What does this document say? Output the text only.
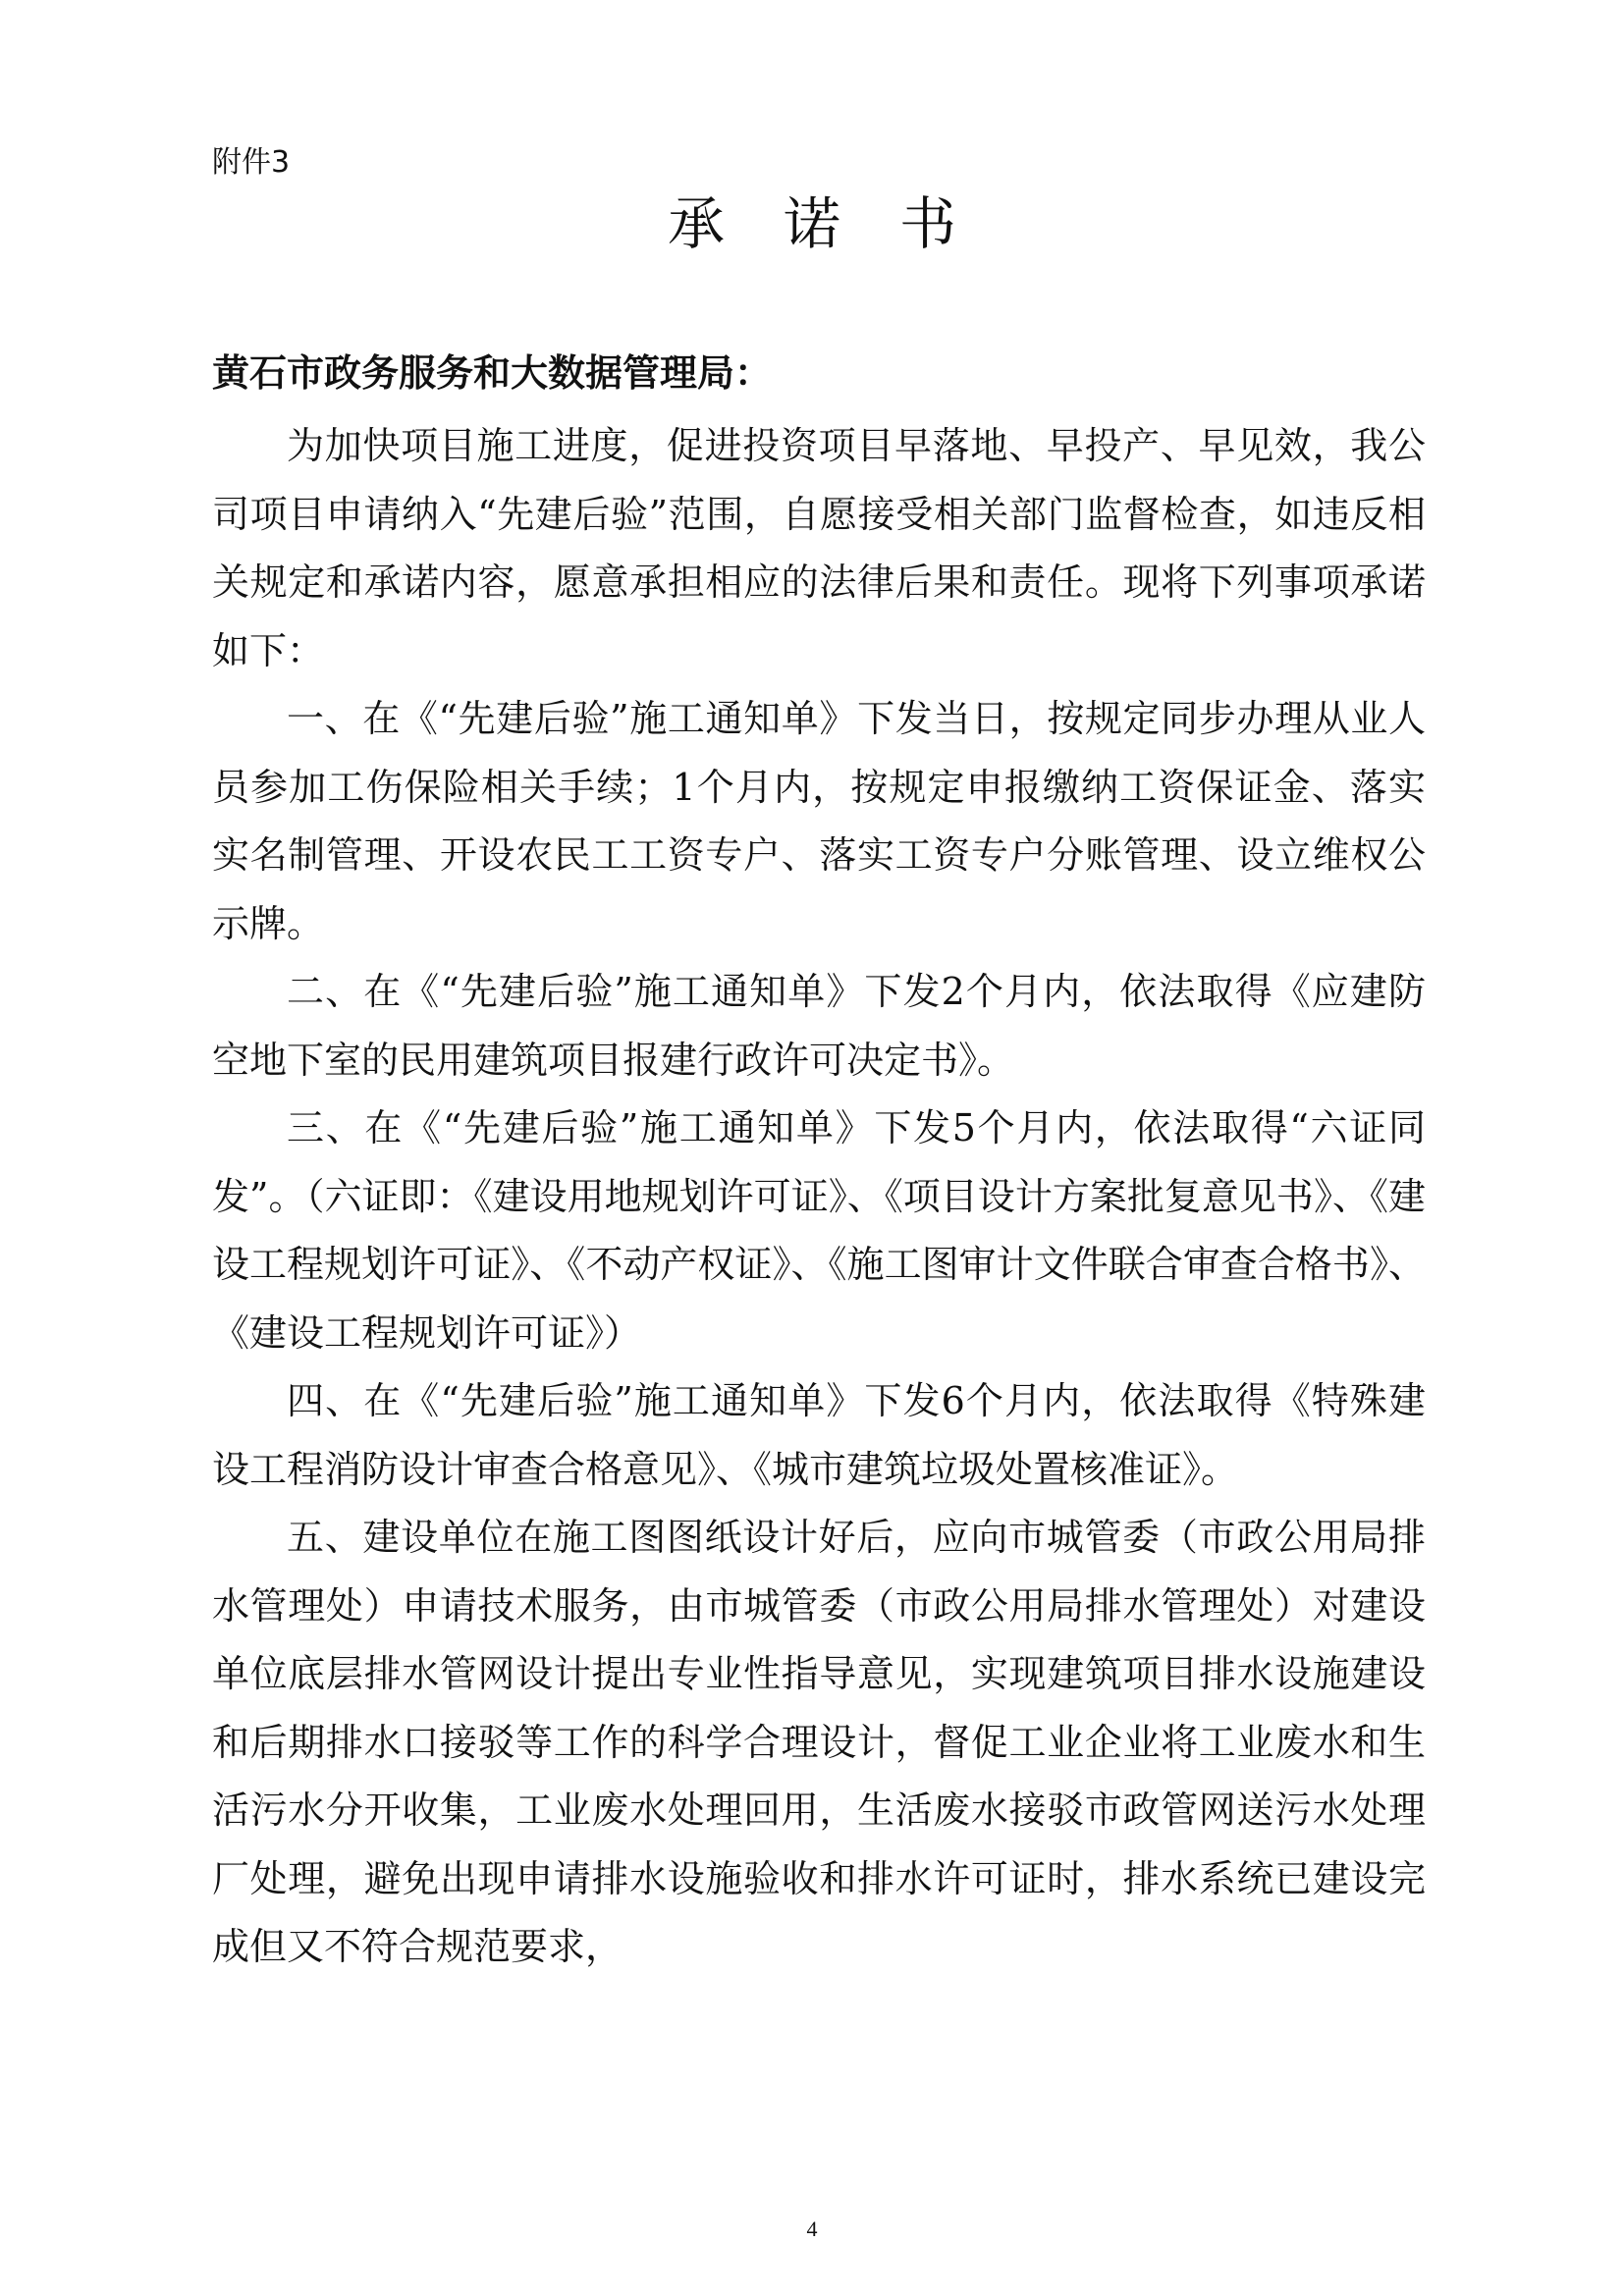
附件3
承诺书
黄石市政务服务和大数据管理局：

为加快项目施工进度，促进投资项目早落地、早投产、早见效，我公司项目申请纳入“先建后验”范围，自愿接受相关部门监督检查，如违反相关规定和承诺内容，愿意承担相应的法律后果和责任。现将下列事项承诺如下：

一、在《“先建后验”施工通知单》下发当日，按规定同步办理从业人员参加工伤保险相关手续；1个月内，按规定申报缴纳工资保证金、落实实名制管理、开设农民工工资专户、落实工资专户分账管理、设立维权公示牌。

二、在《“先建后验”施工通知单》下发2个月内，依法取得《应建防空地下室的民用建筑项目报建行政许可决定书》。

三、在《“先建后验”施工通知单》下发5个月内，依法取得“六证同发”。（六证即：《建设用地规划许可证》、《项目设计方案批复意见书》、《建设工程规划许可证》、《不动产权证》、《施工图审计文件联合审查合格书》、《建设工程规划许可证》）

四、在《“先建后验”施工通知单》下发6个月内，依法取得《特殊建设工程消防设计审查合格意见》、《城市建筑垃圾处置核准证》。

五、建设单位在施工图图纸设计好后，应向市城管委（市政公用局排水管理处）申请技术服务，由市城管委（市政公用局排水管理处）对建设单位底层排水管网设计提出专业性指导意见，实现建筑项目排水设施建设和后期排水口接驳等工作的科学合理设计，督促工业企业将工业废水和生活污水分开收集，工业废水处理回用，生活废水接驳市政管网送污水处理厂处理，避免出现申请排水设施验收和排水许可证时，排水系统已建设完成但又不符合规范要求，

4
